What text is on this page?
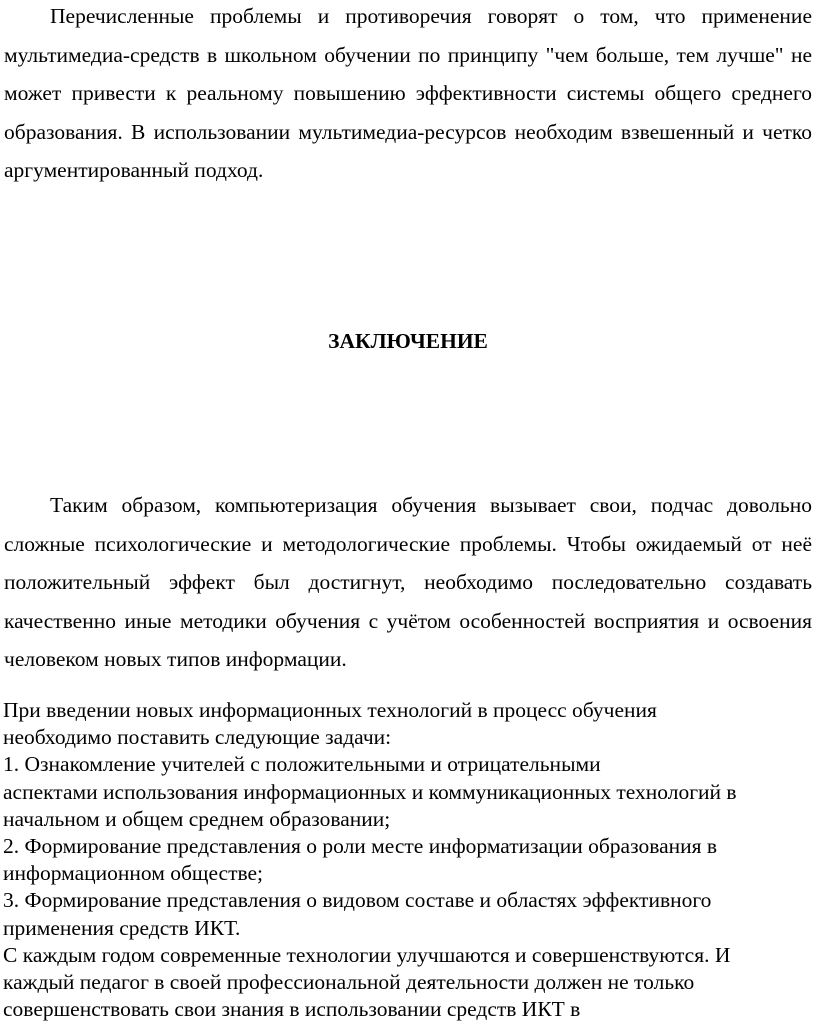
Перечисленные проблемы и противоречия говорят о том, что применение мультимедиа-средств в школьном обучении по принципу "чем больше, тем лучше" не может привести к реальному повышению эффективности системы общего среднего образования. В использовании мультимедиа-ресурсов необходим взвешенный и четко аргументированный подход.

ЗАКЛЮЧЕНИЕ

Таким образом, компьютеризация обучения вызывает свои, подчас довольно сложные психологические и методологические проблемы. Чтобы ожидаемый от неё положительный эффект был достигнут, необходимо последовательно создавать качественно иные методики обучения с учётом особенностей восприятия и освоения человеком новых типов информации.

При введении новых информационных технологий в процесс обучения
необходимо поставить следующие задачи:
1. Ознакомление учителей с положительными и отрицательными
аспектами использования информационных и коммуникационных технологий в
начальном и общем среднем образовании;
2. Формирование представления о роли месте информатизации образования в
информационном обществе;
3. Формирование представления о видовом составе и областях эффективного
применения средств ИКТ.
С каждым годом современные технологии улучшаются и совершенствуются. И
каждый педагог в своей профессиональной деятельности должен не только
совершенствовать свои знания в использовании средств ИКТ в
